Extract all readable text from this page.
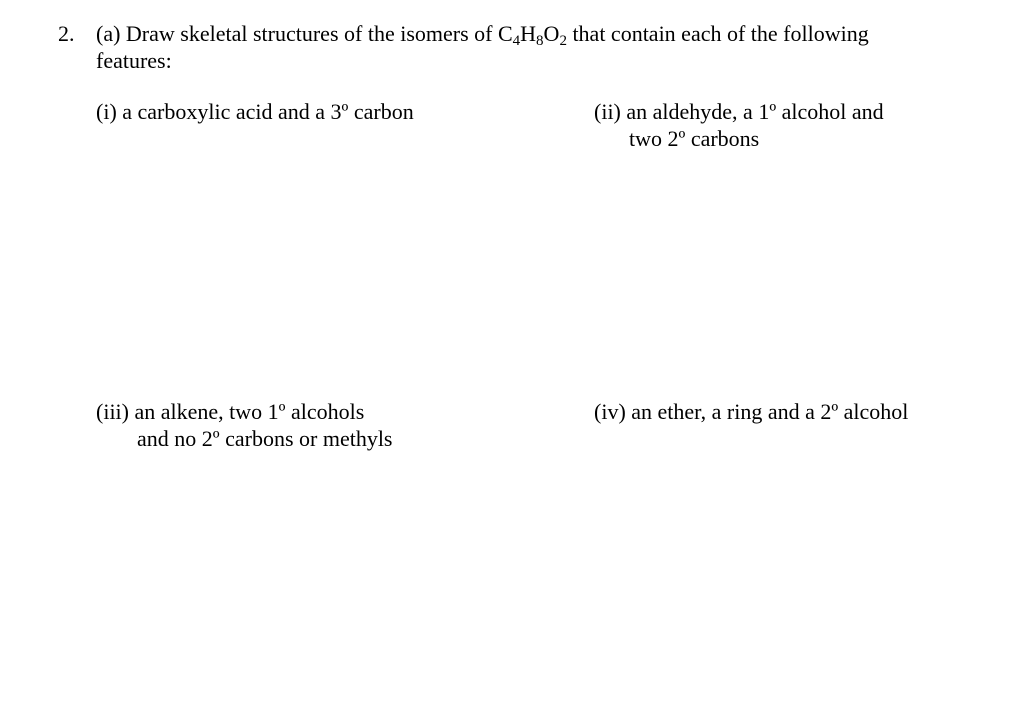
2. (a) Draw skeletal structures of the isomers of $C_4H_8O_2$ that contain each of the following
features:
(i) a carboxylic acid and a 3º carbon	(ii) an aldehyde, a 1º alcohol and
two 2º carbons
(iii) an alkene, two 1º alcohols
and no 2º carbons or methyls
(iv) an ether, a ring and a 2º alcohol
